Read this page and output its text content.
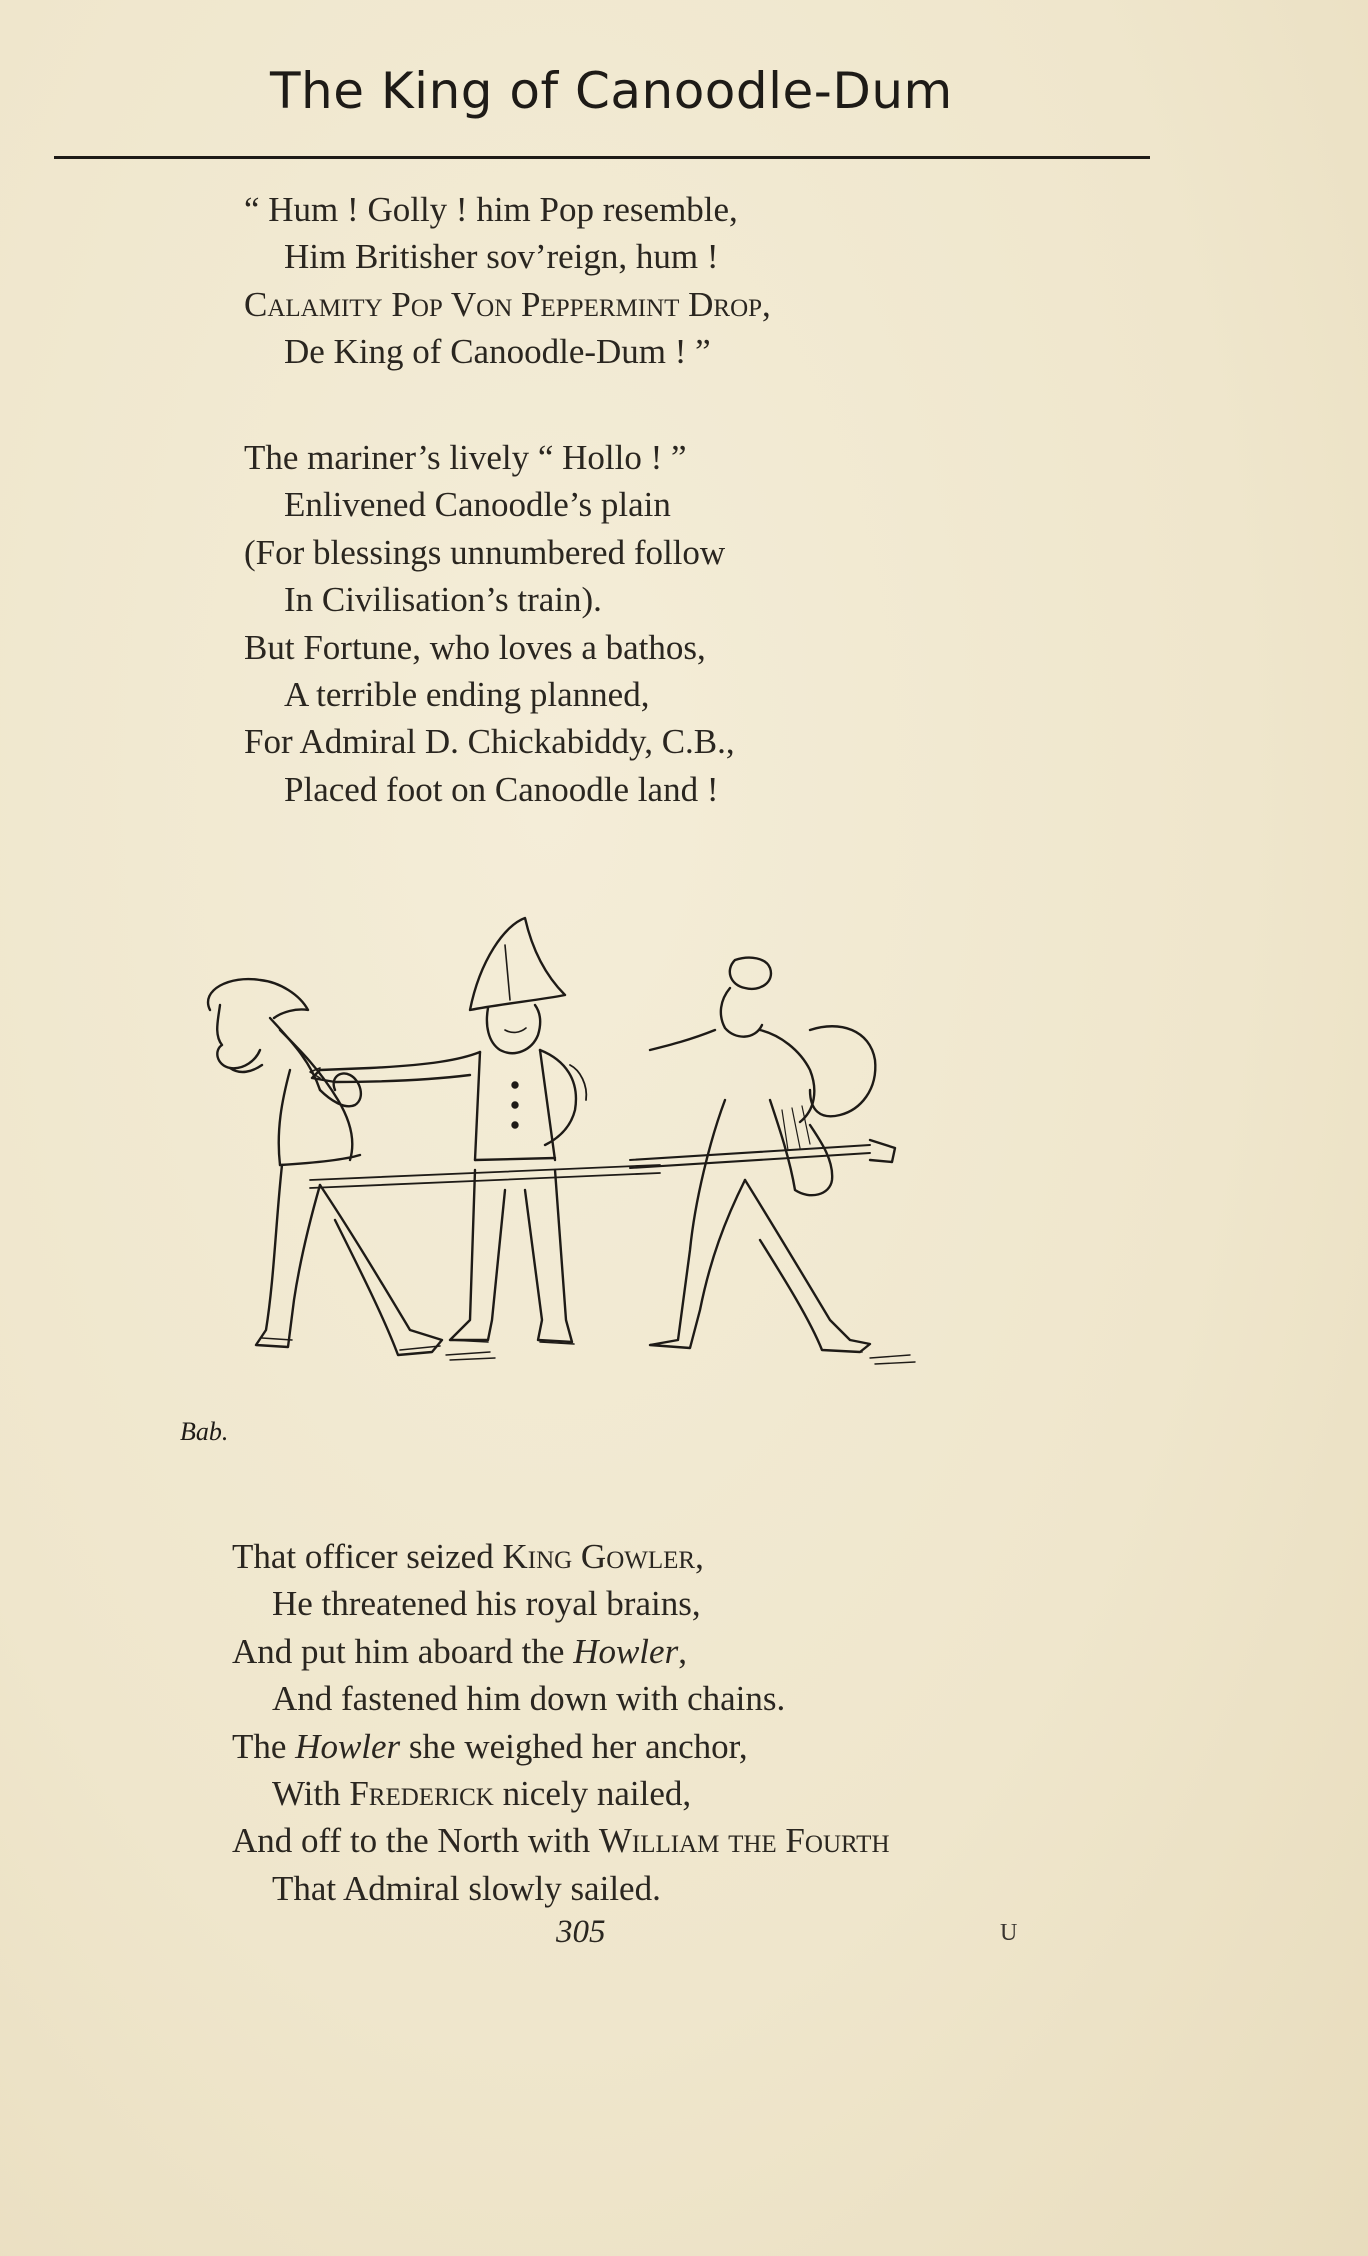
The King of Canoodle-Dum
“ Hum ! Golly ! him Pop resemble,
Him Britisher sov’reign, hum !
Calamity Pop Von Peppermint Drop,
De King of Canoodle-Dum ! ”
The mariner’s lively “ Hollo ! ”
Enlivened Canoodle’s plain
(For blessings unnumbered follow
In Civilisation’s train).
But Fortune, who loves a bathos,
A terrible ending planned,
For Admiral D. Chickabiddy, C.B.,
Placed foot on Canoodle land !
Bab.
That officer seized King Gowler,
He threatened his royal brains,
And put him aboard the Howler,
And fastened him down with chains.
The Howler she weighed her anchor,
With Frederick nicely nailed,
And off to the North with William the Fourth
That Admiral slowly sailed.
305	U
